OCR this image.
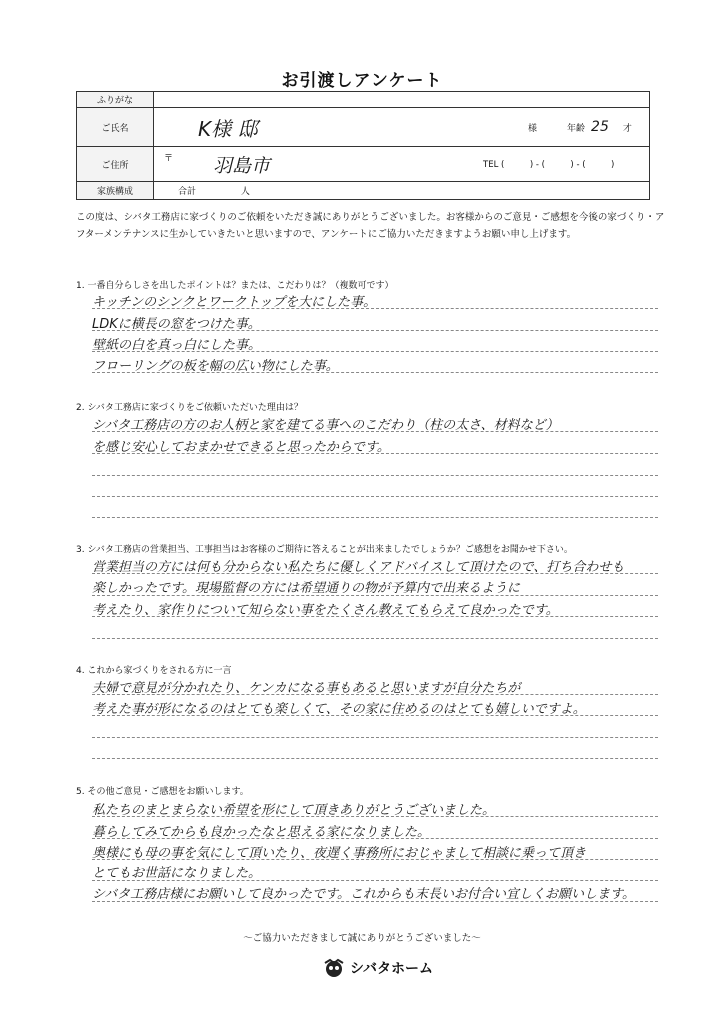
お引渡しアンケート
ふりがな	
ご氏名	K様 邸 様 年齢 25 才

ご住所	〒 羽島市 TEL (　　　) - (　　　) - (　　　)

家族構成	合計 人
この度は、シバタ工務店に家づくりのご依頼をいただき誠にありがとうございました。お客様からのご意見・ご感想を今後の家づくり・アフターメンテナンスに生かしていきたいと思いますので、アンケートにご協力いただきますようお願い申し上げます。
1. 一番自分らしさを出したポイントは？または、こだわりは？（複数可です）
キッチンのシンクとワークトップを大にした事。
LDKに横長の窓をつけた事。
壁紙の白を真っ白にした事。
フローリングの板を幅の広い物にした事。
2. シバタ工務店に家づくりをご依頼いただいた理由は？
シバタ工務店の方のお人柄と家を建てる事へのこだわり（柱の太さ、材料など）
を感じ安心しておまかせできると思ったからです。
3. シバタ工務店の営業担当、工事担当はお客様のご期待に答えることが出来ましたでしょうか？ご感想をお聞かせ下さい。
営業担当の方には何も分からない私たちに優しくアドバイスして頂けたので、打ち合わせも
楽しかったです。現場監督の方には希望通りの物が予算内で出来るように
考えたり、家作りについて知らない事をたくさん教えてもらえて良かったです。
4. これから家づくりをされる方に一言
夫婦で意見が分かれたり、ケンカになる事もあると思いますが自分たちが
考えた事が形になるのはとても楽しくて、その家に住めるのはとても嬉しいですよ。
5. その他ご意見・ご感想をお願いします。
私たちのまとまらない希望を形にして頂きありがとうございました。
暮らしてみてからも良かったなと思える家になりました。
奥様にも母の事を気にして頂いたり、夜遅く事務所におじゃまして相談に乗って頂き
とてもお世話になりました。
シバタ工務店様にお願いして良かったです。これからも末長いお付合い宜しくお願いします。
〜ご協力いただきまして誠にありがとうございました〜
シバタホーム
